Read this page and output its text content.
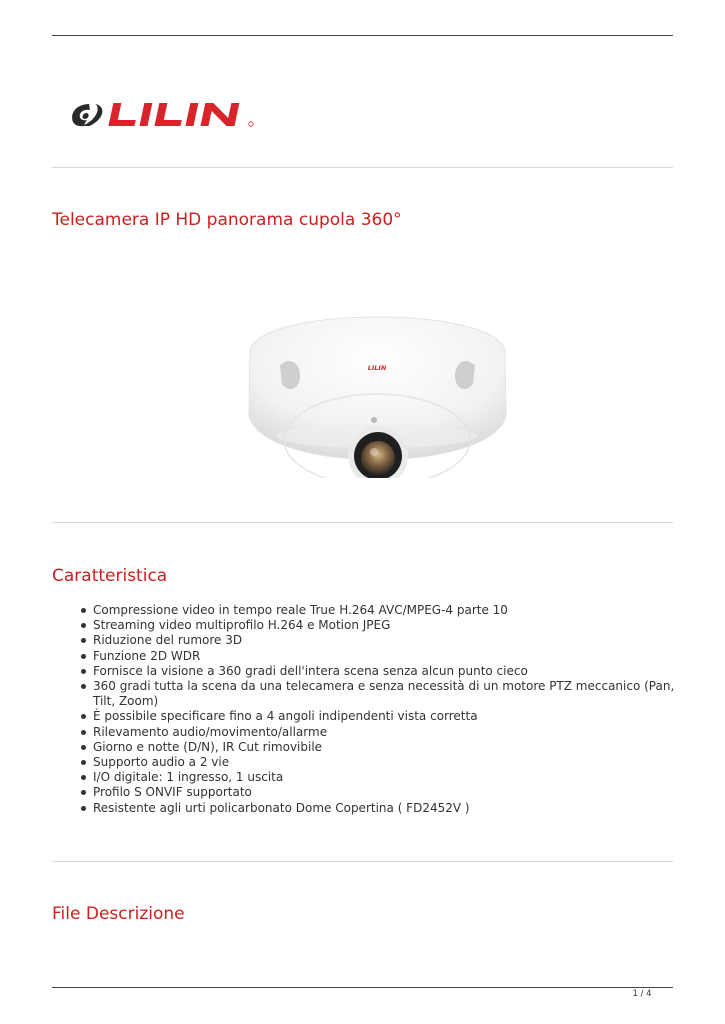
Telecamera IP HD panorama cupola 360°
LILIN
Caratteristica
Compressione video in tempo reale True H.264 AVC/MPEG-4 parte 10
Streaming video multiprofilo H.264 e Motion JPEG
Riduzione del rumore 3D
Funzione 2D WDR
Fornisce la visione a 360 gradi dell'intera scena senza alcun punto cieco
360 gradi tutta la scena da una telecamera e senza necessità di un motore PTZ meccanico (Pan, Tilt, Zoom)
È possibile specificare fino a 4 angoli indipendenti vista corretta
Rilevamento audio/movimento/allarme
Giorno e notte (D/N), IR Cut rimovibile
Supporto audio a 2 vie
I/O digitale: 1 ingresso, 1 uscita
Profilo S ONVIF supportato
Resistente agli urti policarbonato Dome Copertina ( FD2452V )
File Descrizione
1 / 4
